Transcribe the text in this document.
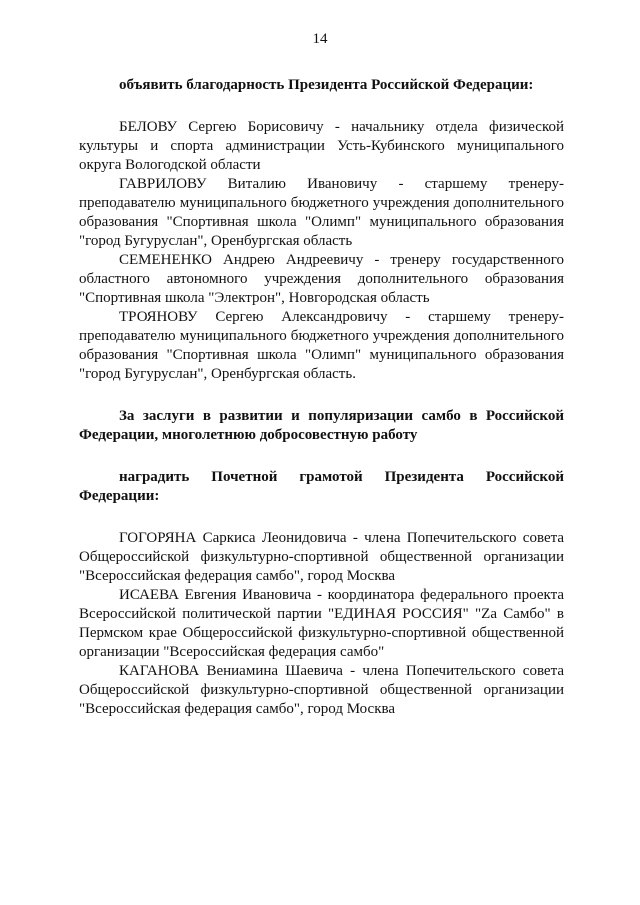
14

объявить благодарность Президента Российской Федерации:

БЕЛОВУ Сергею Борисовичу - начальнику отдела физической культуры и спорта администрации Усть-Кубинского муниципального округа Вологодской области

ГАВРИЛОВУ Виталию Ивановичу - старшему тренеру-преподавателю муниципального бюджетного учреждения дополнительного образования "Спортивная школа "Олимп" муниципального образования "город Бугуруслан", Оренбургская область

СЕМЕНЕНКО Андрею Андреевичу - тренеру государственного областного автономного учреждения дополнительного образования "Спортивная школа "Электрон", Новгородская область

ТРОЯНОВУ Сергею Александровичу - старшему тренеру-преподавателю муниципального бюджетного учреждения дополнительного образования "Спортивная школа "Олимп" муниципального образования "город Бугуруслан", Оренбургская область.

За заслуги в развитии и популяризации самбо в Российской Федерации, многолетнюю добросовестную работу

наградить Почетной грамотой Президента Российской Федерации:

ГОГОРЯНА Саркиса Леонидовича - члена Попечительского совета Общероссийской физкультурно-спортивной общественной организации "Всероссийская федерация самбо", город Москва

ИСАЕВА Евгения Ивановича - координатора федерального проекта Всероссийской политической партии "ЕДИНАЯ РОССИЯ" "Za Самбо" в Пермском крае Общероссийской физкультурно-спортивной общественной организации "Всероссийская федерация самбо"

КАГАНОВА Вениамина Шаевича - члена Попечительского совета Общероссийской физкультурно-спортивной общественной организации "Всероссийская федерация самбо", город Москва
